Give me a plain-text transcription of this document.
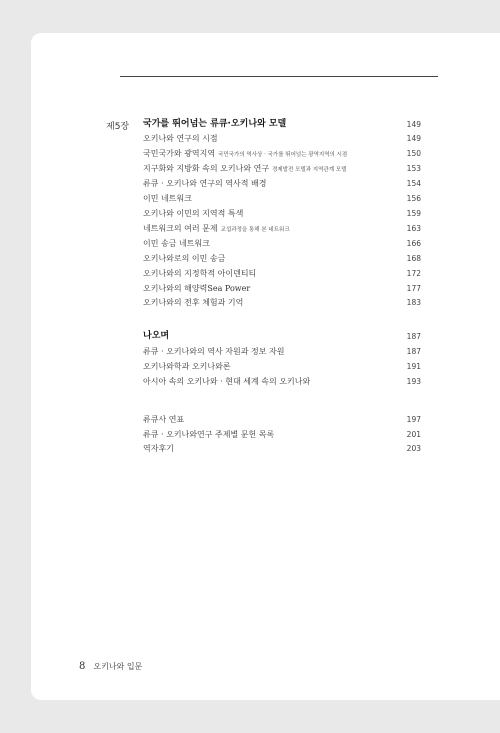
제5장 국가를 뛰어넘는 류큐·오키나와 모델	149
오키나와 연구의 시점	149
국민국가와 광역지역 국민국가의 역사상 · 국가를 뛰어넘는 광역지역의 시점	150
지구화와 지방화 속의 오키나와 연구 경제발전 모델과 지역관계 모델	153
류큐 · 오키나와 연구의 역사적 배경	154
이민 네트워크	156
오키나와 이민의 지역적 특색	159
네트워크의 여러 문제 교섭과정을 통해 본 네트워크	163
이민 송금 네트워크	166
오키나와로의 이민 송금	168
오키나와의 지정학적 아이덴티티	172
오키나와의 해양력Sea Power	177
오키나와의 전후 체험과 기억	183
나오며	187
류큐 · 오키나와의 역사 자원과 정보 자원	187
오키나와학과 오키나와론	191
아시아 속의 오키나와 · 현대 세계 속의 오키나와	193
류큐사 연표	197
류큐 · 오키나와연구 주제별 문헌 목록	201
역자후기	203
8 오키나와 입문
